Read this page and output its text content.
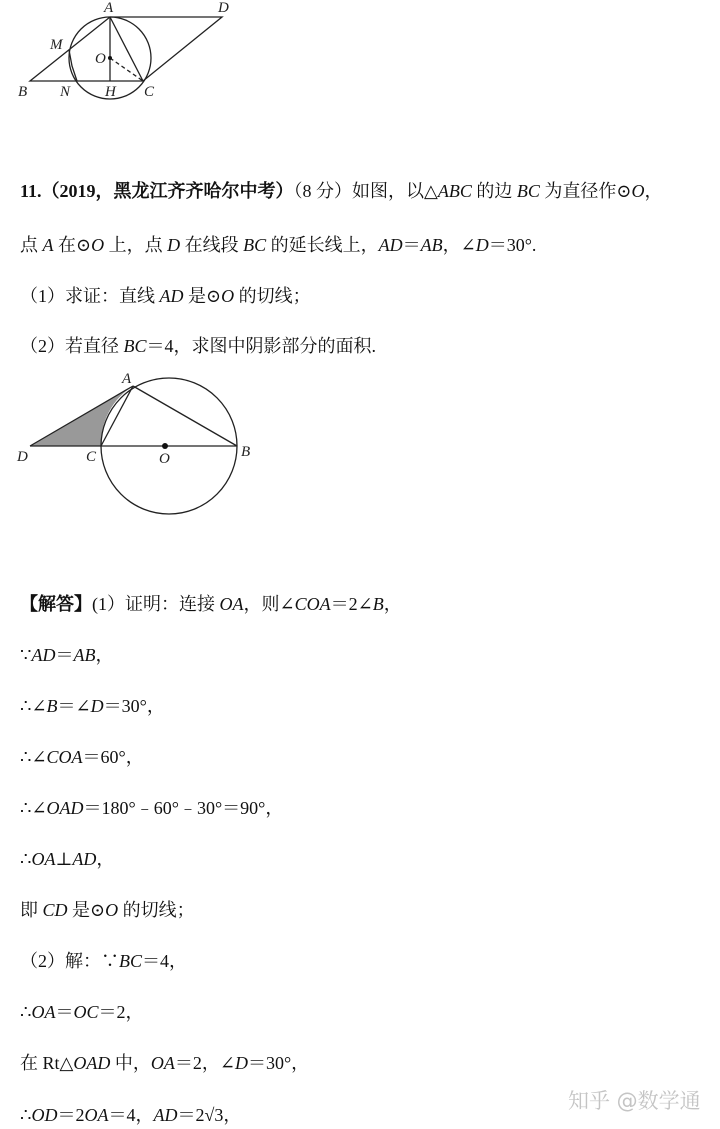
A	D
M
O
B N H C
A
D	C	O	B
11.（2019，黑龙江齐齐哈尔中考）（8 分）如图，以△ABC 的边 BC 为直径作⊙O，
点 A 在⊙O 上，点 D 在线段 BC 的延长线上，AD＝AB，∠D＝30°.
（1）求证：直线 AD 是⊙O 的切线；
（2）若直径 BC＝4，求图中阴影部分的面积.
【解答】(1）证明：连接 OA，则∠COA＝2∠B，
∵AD＝AB，
∴∠B＝∠D＝30°，
∴∠COA＝60°，
∴∠OAD＝180°﹣60°﹣30°＝90°，
∴OA⊥AD，
即 CD 是⊙O 的切线；
（2）解：∵BC＝4，
∴OA＝OC＝2，
在 Rt△OAD 中，OA＝2，∠D＝30°，
∴OD＝2OA＝4，AD＝2√3，
知乎 @数学通
